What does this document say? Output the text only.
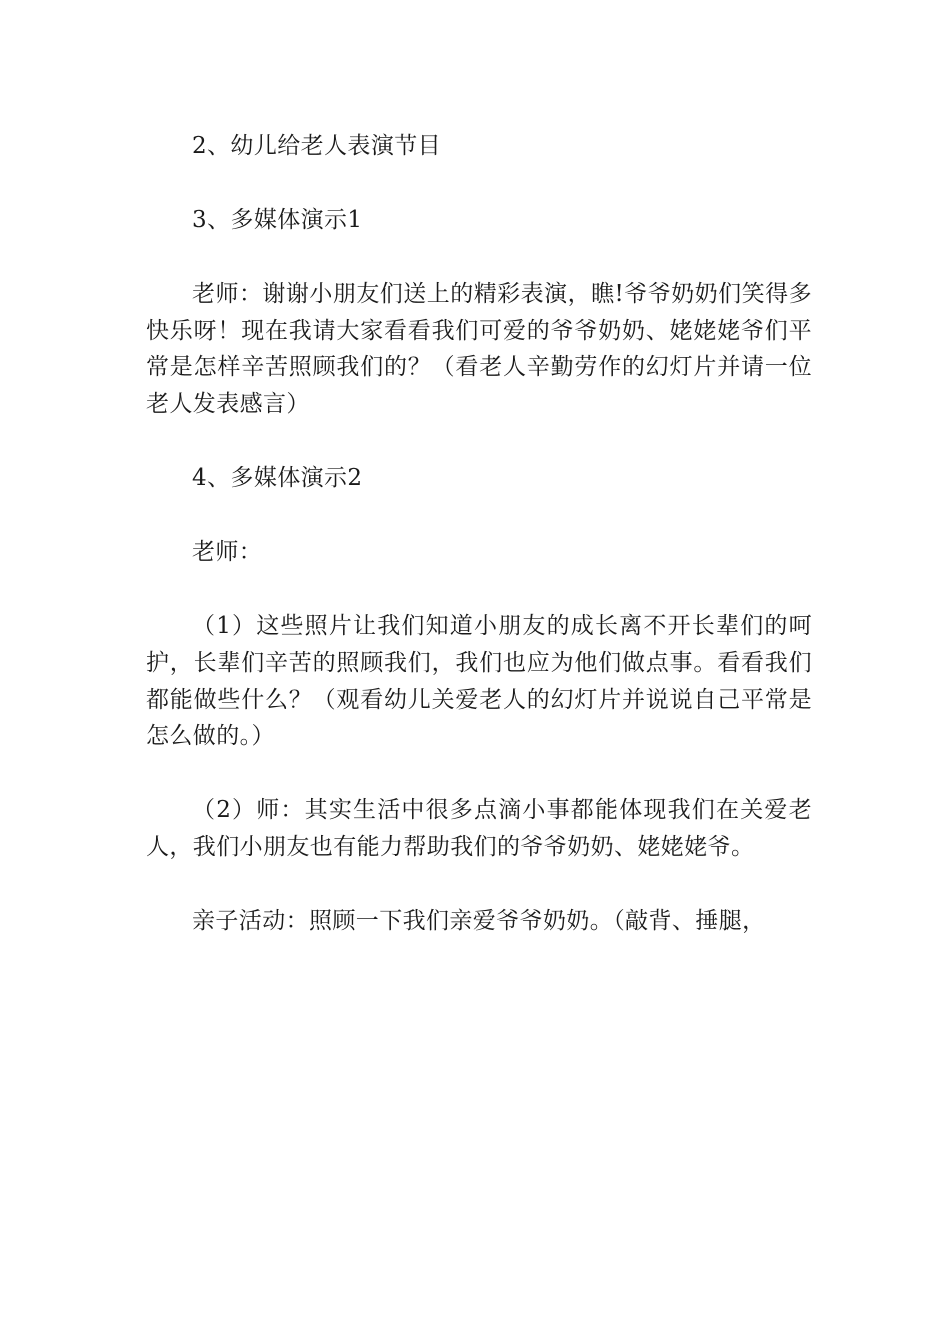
2、幼儿给老人表演节目

3、多媒体演示1

老师：谢谢小朋友们送上的精彩表演，瞧!爷爷奶奶们笑得多快乐呀！现在我请大家看看我们可爱的爷爷奶奶、姥姥姥爷们平常是怎样辛苦照顾我们的？（看老人辛勤劳作的幻灯片并请一位老人发表感言）

4、多媒体演示2

老师：

（1）这些照片让我们知道小朋友的成长离不开长辈们的呵护，长辈们辛苦的照顾我们，我们也应为他们做点事。看看我们都能做些什么？（观看幼儿关爱老人的幻灯片并说说自己平常是怎么做的。）

（2）师：其实生活中很多点滴小事都能体现我们在关爱老人，我们小朋友也有能力帮助我们的爷爷奶奶、姥姥姥爷。

亲子活动：照顾一下我们亲爱爷爷奶奶。（敲背、捶腿，
